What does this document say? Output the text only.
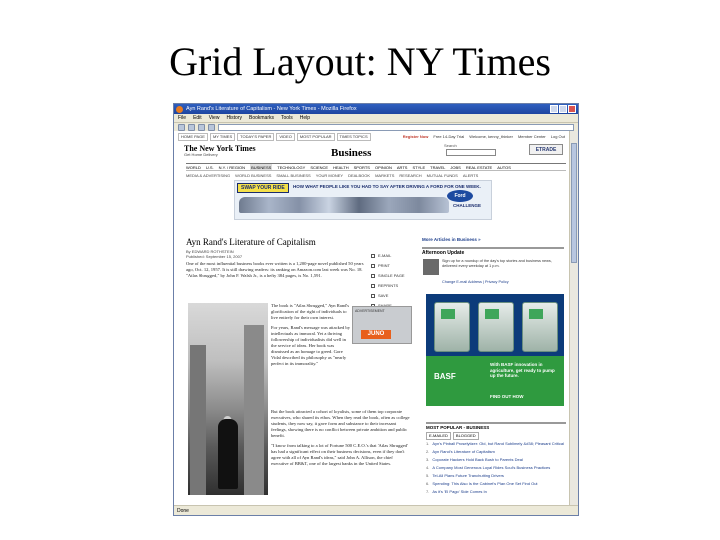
Grid Layout: NY Times
Ayn Rand's Literature of Capitalism - New York Times - Mozilla Firefox
File Edit View History Bookmarks Tools Help
HOME PAGE	MY TIMES	TODAY'S PAPER	VIDEO	MOST POPULAR	TIMES TOPICS	Register Now Free 14-Day Trial Welcome, kenny_thinker Member Center Log Out
The New York Times
Get Home Delivery	Business
Search
ETRADE
WORLD U.S. N.Y. / REGION BUSINESS TECHNOLOGY SCIENCE HEALTH SPORTS OPINION ARTS STYLE TRAVEL JOBS REAL ESTATE AUTOS
MEDIA & ADVERTISING WORLD BUSINESS SMALL BUSINESS YOUR MONEY DEALBOOK MARKETS RESEARCH MUTUAL FUNDS ALERTS
SWAP YOUR RIDE	HOW WHAT PEOPLE LIKE YOU HAD TO SAY AFTER DRIVING A FORD FOR ONE WEEK.
Ford
CHALLENGE
Ayn Rand's Literature of Capitalism
By EDWARD ROTHSTEIN
Published: September 15, 2007	E-MAIL
PRINT
SINGLE PAGE
REPRINTS
SAVE

One of the most influential business books ever written is a 1,200-page novel published 50 years ago, Oct. 12, 1957. It is still drawing readers: its ranking on Amazon.com last week was No. 18. "Atlas Shrugged," by John F. Walsh Jr., is a hefty 384 pages, is No. 1,591.

The book is "Atlas Shrugged," Ayn Rand's glorification of the right of individuals to live entirely for their own interest.

For years, Rand's message was attacked by intellectuals as immoral. Yet a thriving followership of individualists did well in the service of ideas. Her book was dismissed as an homage to greed. Gore Vidal described its philosophy as "nearly perfect in its immorality."

ADVERTISEMENT
JUNO

But the book attracted a cohort of loyalists, some of them top corporate executives, who shared its ethos. When they read the book, often as college students, they now say, it gave form and substance to their incessant feelings, showing there is no conflict between private ambition and public benefit.

"I know from talking to a lot of Fortune 500 C.E.O.'s that 'Atlas Shrugged' has had a significant effect on their business decisions, even if they don't agree with all of Ayn Rand's ideas," said John A. Allison, the chief executive of BB&T, one of the largest banks in the United States.

More Articles in Business »
Afternoon Update
Sign up for a roundup of the day's top stories and business news, delivered every weekday at 1 p.m.
Change E-mail Address | Privacy Policy
BASF
With BASF innovation in agriculture, get ready to pump up the future.
FIND OUT HOW
MOST POPULAR - BUSINESS
E-MAILED	BLOGGED
1. Ayn's Pinball Proselytizer: Old, but Rand Sublimely &#38; Pleasant Critical
2. Ayn Rand's Literature of Capitalism
3. Coporate Hackers Hold Back Bush to Parents Deal
4. A Company Most Generous Loyal Rides Soul's Business Practices
5. Tel-All Plans Future Tranchutting Drivers
6. Spending: This Also Is the Cabinet's Plan One Set Find Out
7. As it's 'El Pago' Side Comes In
Done
